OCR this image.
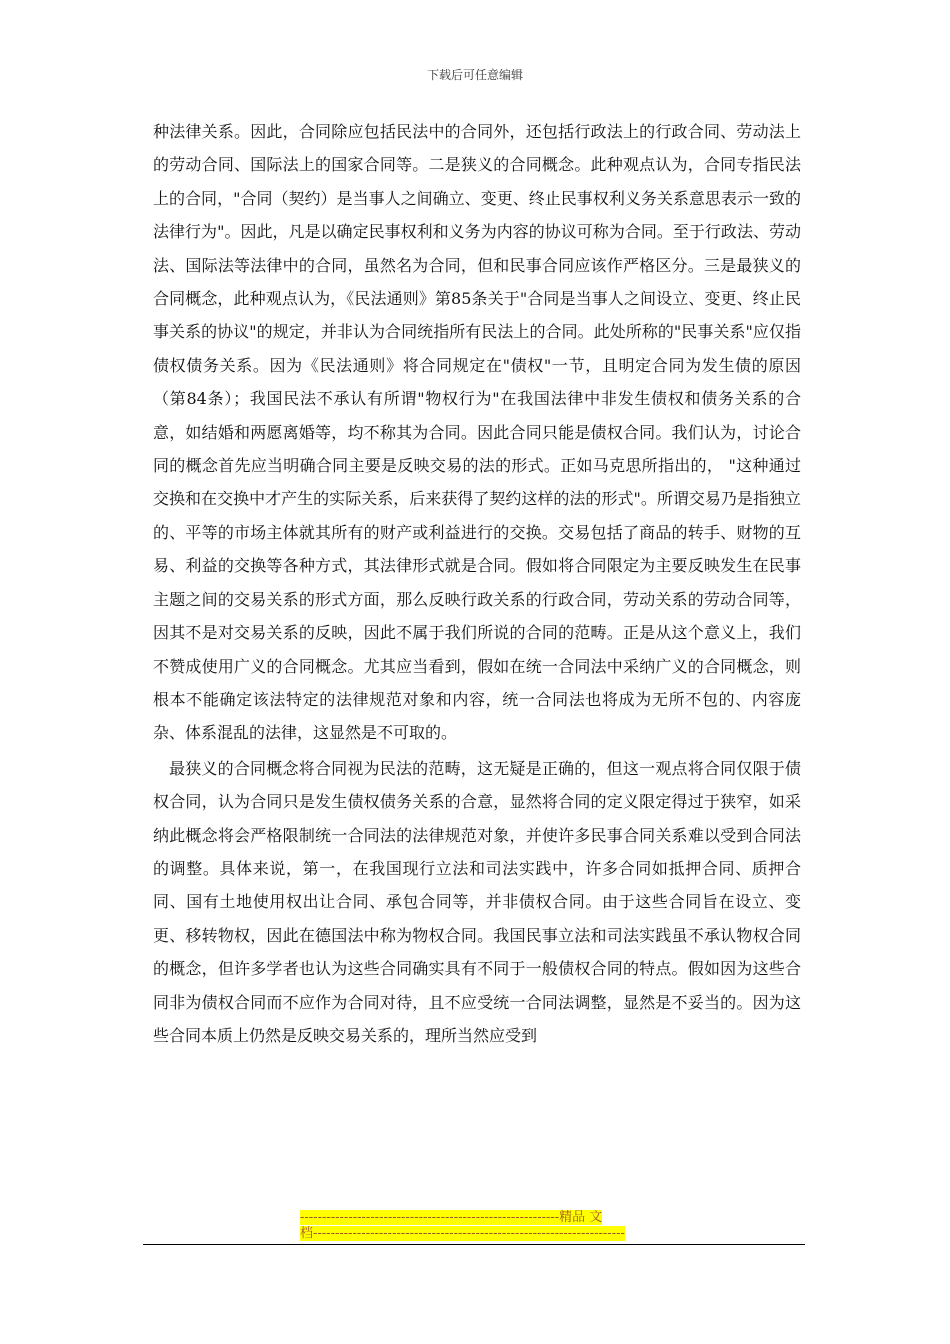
下载后可任意编辑

种法律关系。因此，合同除应包括民法中的合同外，还包括行政法上的行政合同、劳动法上的劳动合同、国际法上的国家合同等。二是狭义的合同概念。此种观点认为，合同专指民法上的合同，"合同（契约）是当事人之间确立、变更、终止民事权利义务关系意思表示一致的法律行为"。因此，凡是以确定民事权利和义务为内容的协议可称为合同。至于行政法、劳动法、国际法等法律中的合同，虽然名为合同，但和民事合同应该作严格区分。三是最狭义的合同概念，此种观点认为，《民法通则》第85条关于"合同是当事人之间设立、变更、终止民事关系的协议"的规定，并非认为合同统指所有民法上的合同。此处所称的"民事关系"应仅指债权债务关系。因为《民法通则》将合同规定在"债权"一节，且明定合同为发生债的原因（第84条）；我国民法不承认有所谓"物权行为"在我国法律中非发生债权和债务关系的合意，如结婚和两愿离婚等，均不称其为合同。因此合同只能是债权合同。我们认为，讨论合同的概念首先应当明确合同主要是反映交易的法的形式。正如马克思所指出的， "这种通过交换和在交换中才产生的实际关系，后来获得了契约这样的法的形式"。所谓交易乃是指独立的、平等的市场主体就其所有的财产或利益进行的交换。交易包括了商品的转手、财物的互易、利益的交换等各种方式，其法律形式就是合同。假如将合同限定为主要反映发生在民事主题之间的交易关系的形式方面，那么反映行政关系的行政合同，劳动关系的劳动合同等，因其不是对交易关系的反映，因此不属于我们所说的合同的范畴。正是从这个意义上，我们不赞成使用广义的合同概念。尤其应当看到，假如在统一合同法中采纳广义的合同概念，则根本不能确定该法特定的法律规范对象和内容，统一合同法也将成为无所不包的、内容庞杂、体系混乱的法律，这显然是不可取的。

最狭义的合同概念将合同视为民法的范畴，这无疑是正确的，但这一观点将合同仅限于债权合同，认为合同只是发生债权债务关系的合意，显然将合同的定义限定得过于狭窄，如采纳此概念将会严格限制统一合同法的法律规范对象，并使许多民事合同关系难以受到合同法的调整。具体来说，第一，在我国现行立法和司法实践中，许多合同如抵押合同、质押合同、国有土地使用权出让合同、承包合同等，并非债权合同。由于这些合同旨在设立、变更、移转物权，因此在德国法中称为物权合同。我国民事立法和司法实践虽不承认物权合同的概念，但许多学者也认为这些合同确实具有不同于一般债权合同的特点。假如因为这些合同非为债权合同而不应作为合同对待，且不应受统一合同法调整，显然是不妥当的。因为这些合同本质上仍然是反映交易关系的，理所当然应受到

-----------------------------------------------------------精品 文
档-----------------------------------------------------------------------
